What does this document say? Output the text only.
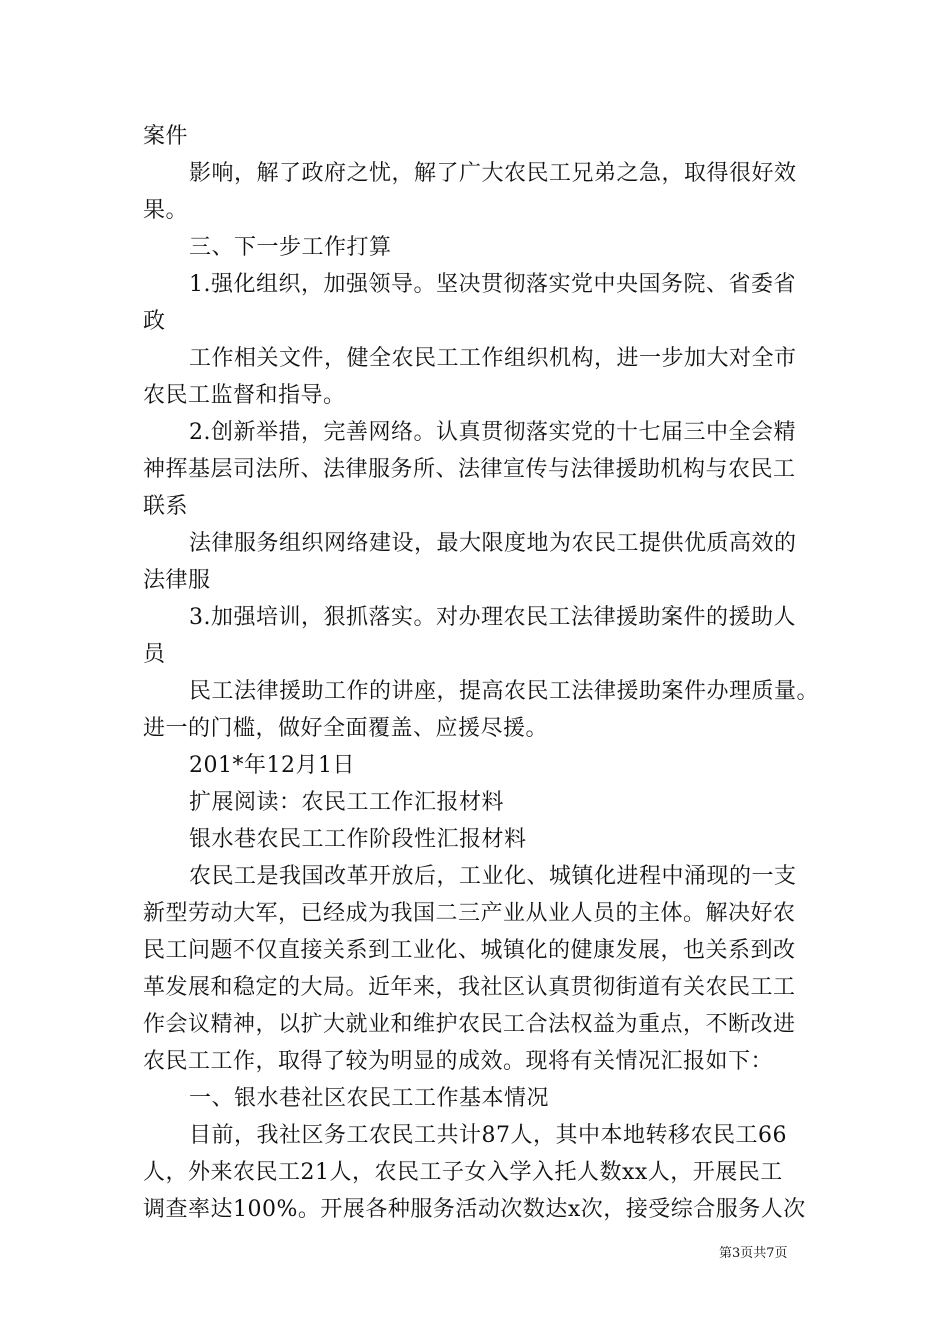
案件
影响，解了政府之忧，解了广大农民工兄弟之急，取得很好效
果。
三、下一步工作打算
1.强化组织，加强领导。坚决贯彻落实党中央国务院、省委省
政
工作相关文件，健全农民工工作组织机构，进一步加大对全市
农民工监督和指导。
2.创新举措，完善网络。认真贯彻落实党的十七届三中全会精
神挥基层司法所、法律服务所、法律宣传与法律援助机构与农民工
联系
法律服务组织网络建设，最大限度地为农民工提供优质高效的
法律服
3.加强培训，狠抓落实。对办理农民工法律援助案件的援助人
员
民工法律援助工作的讲座，提高农民工法律援助案件办理质量。
进一的门槛，做好全面覆盖、应援尽援。
201*年12月1日
扩展阅读：农民工工作汇报材料
银水巷农民工工作阶段性汇报材料
农民工是我国改革开放后，工业化、城镇化进程中涌现的一支
新型劳动大军，已经成为我国二三产业从业人员的主体。解决好农
民工问题不仅直接关系到工业化、城镇化的健康发展，也关系到改
革发展和稳定的大局。近年来，我社区认真贯彻街道有关农民工工
作会议精神，以扩大就业和维护农民工合法权益为重点，不断改进
农民工工作，取得了较为明显的成效。现将有关情况汇报如下：
一、银水巷社区农民工工作基本情况
目前，我社区务工农民工共计87人，其中本地转移农民工66
人，外来农民工21人，农民工子女入学入托人数xx人，开展民工
调查率达100%。开展各种服务活动次数达x次，接受综合服务人次
第3页共7页
